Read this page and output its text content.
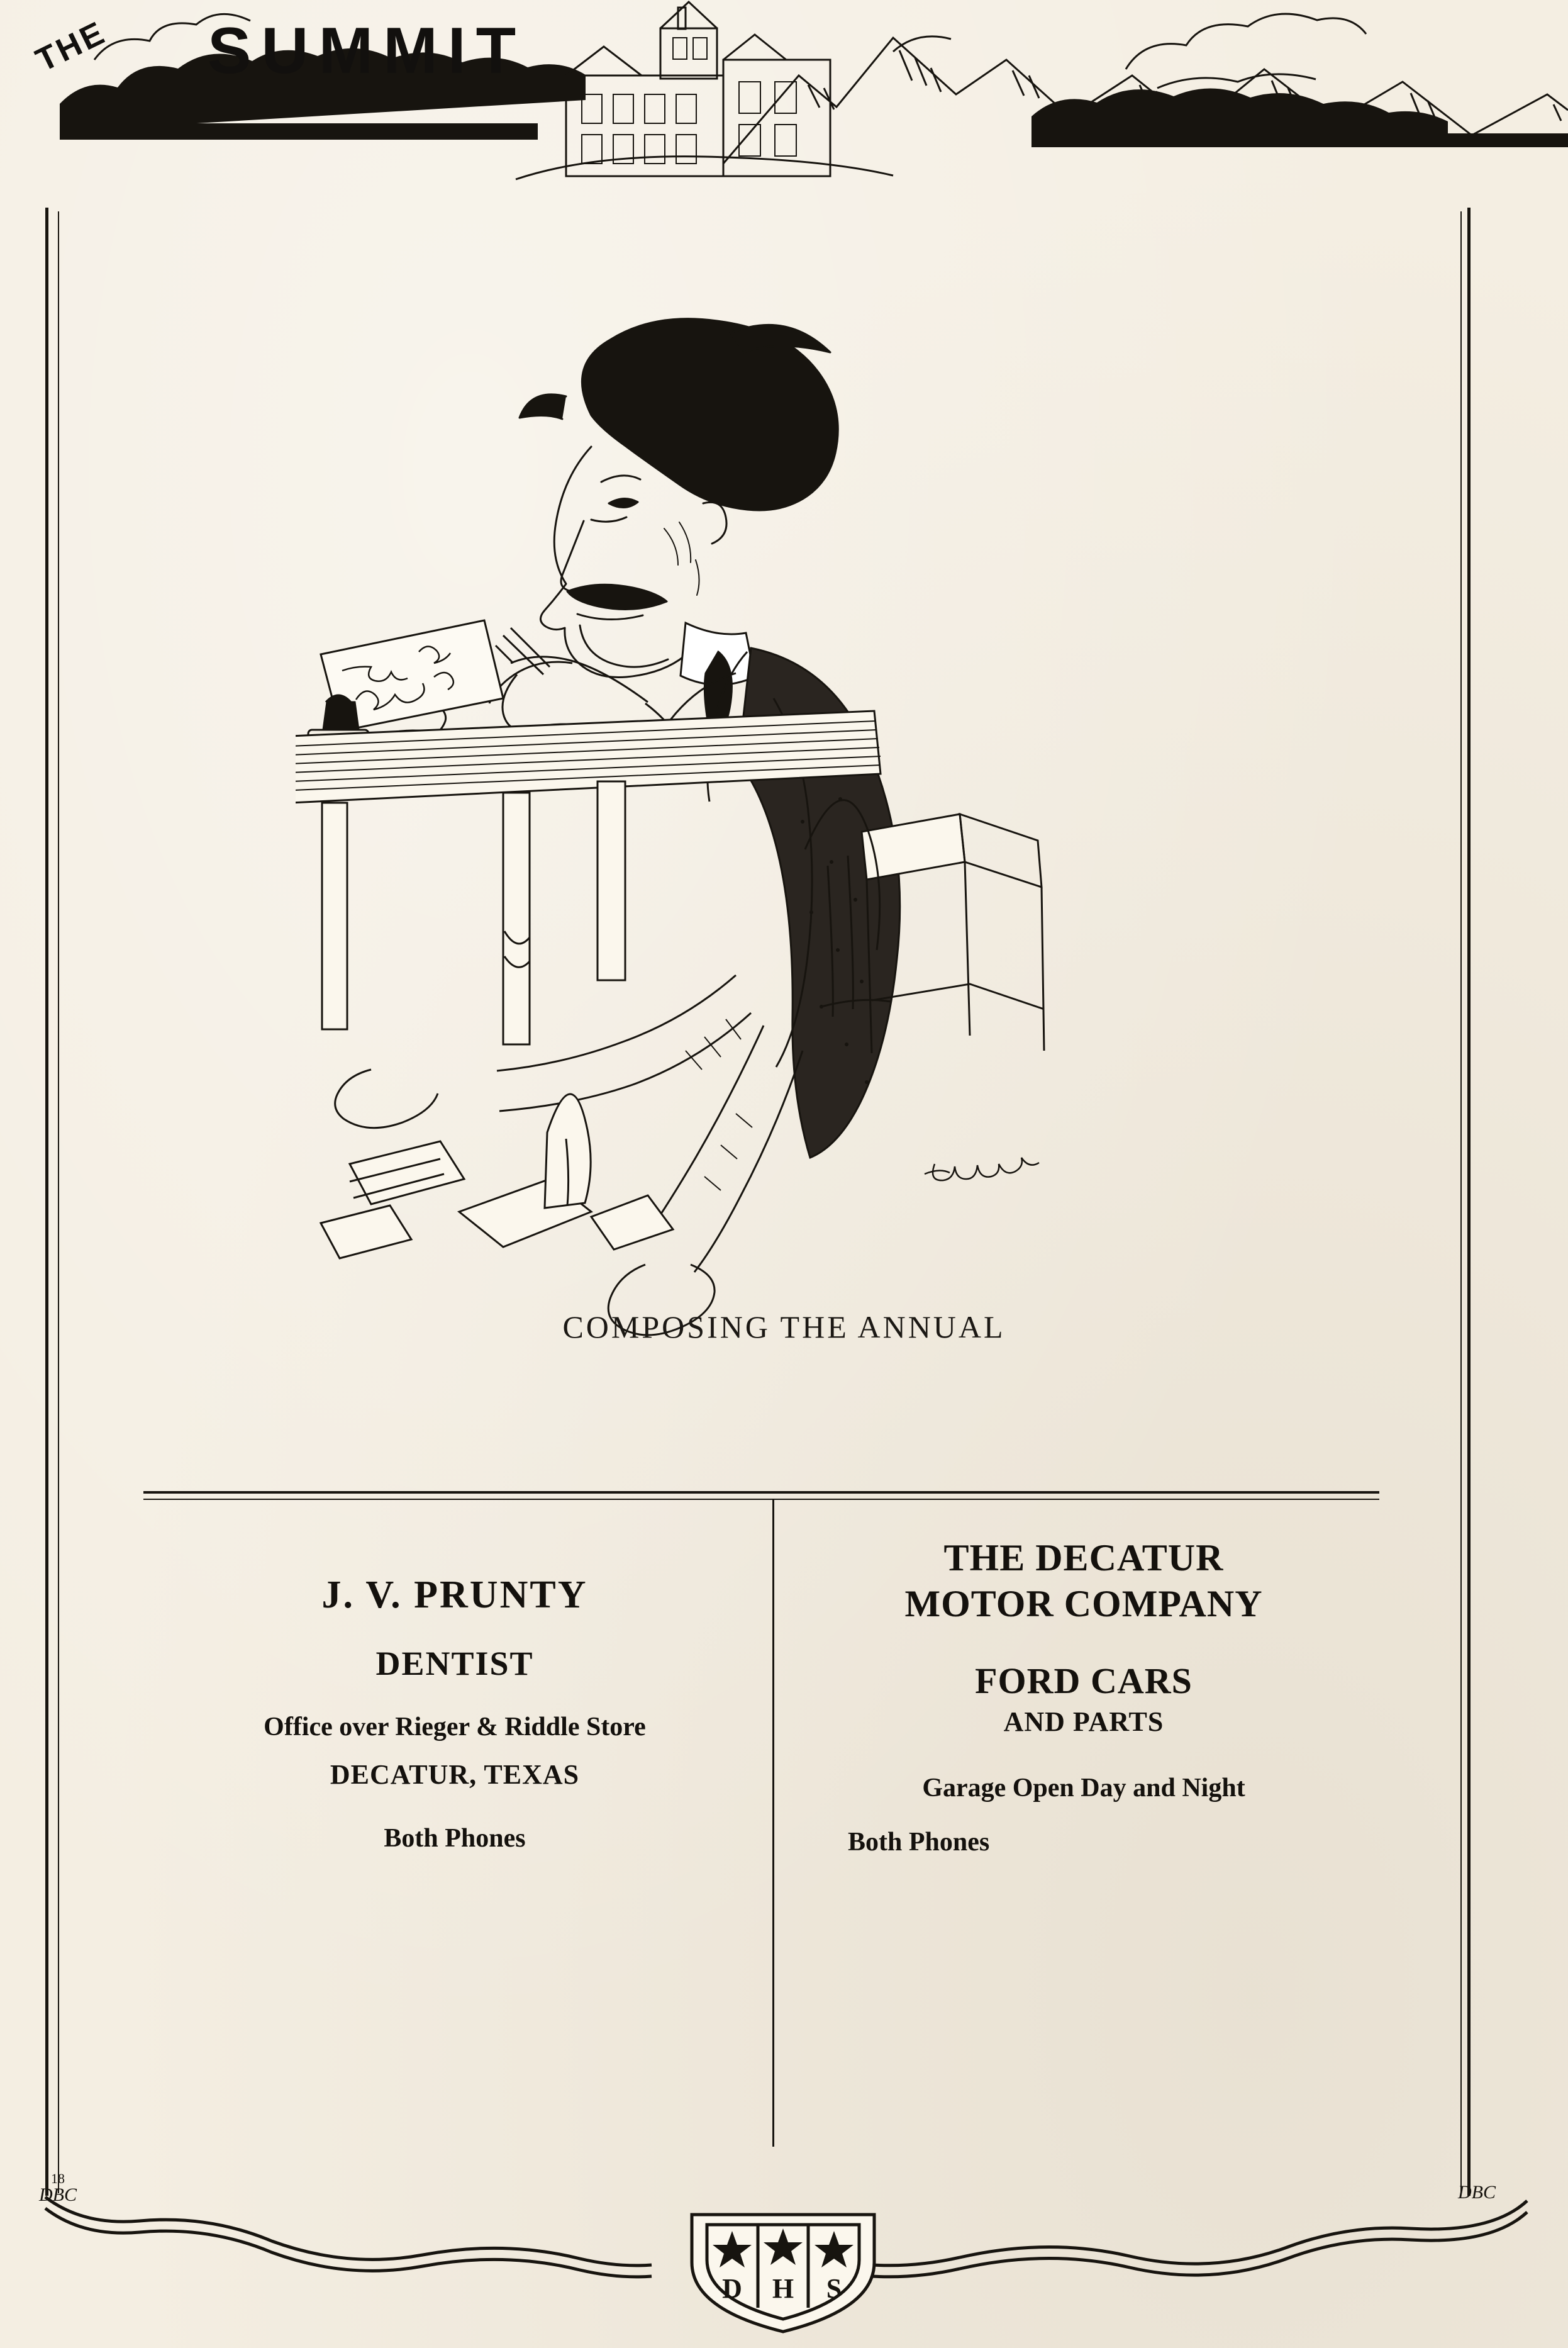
THE SUMMIT
COMPOSING THE ANNUAL
J. V. PRUNTY
DENTIST
Office over Rieger & Riddle Store
DECATUR, TEXAS
Both Phones
THE DECATUR
MOTOR COMPANY
FORD CARS
AND PARTS
Garage Open Day and Night
Both Phones
D H S
18
DBC	DBC
